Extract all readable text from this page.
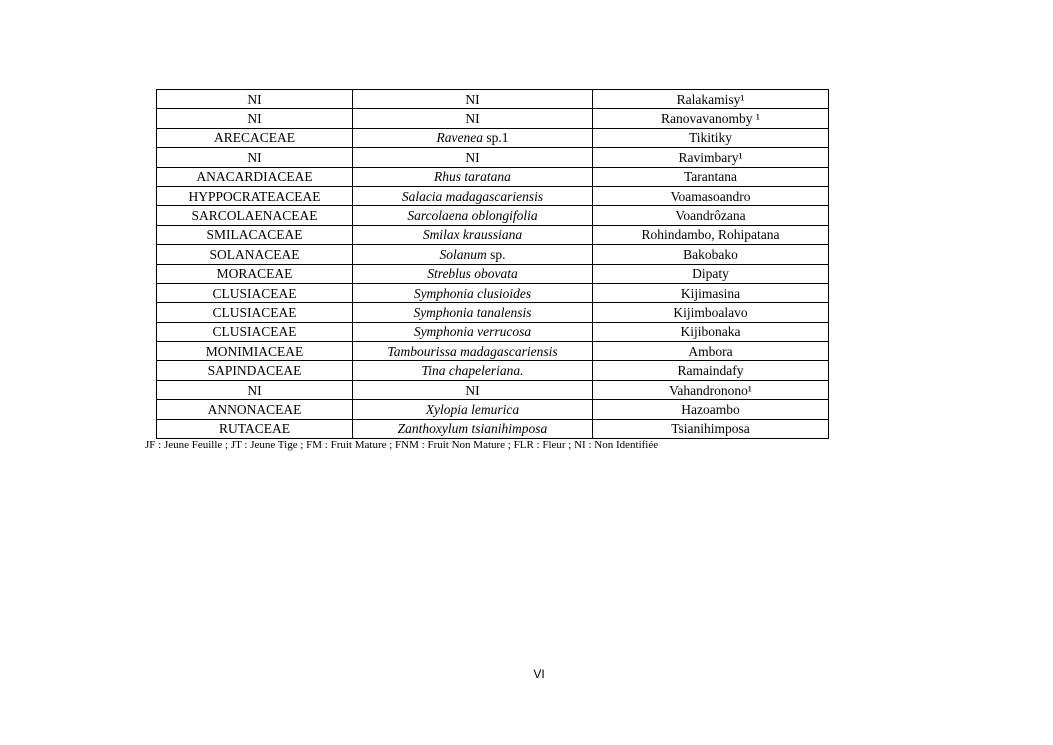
NI	NI	Ralakamisy¹
NI	NI	Ranovavanomby ¹
ARECACEAE	Ravenea sp.1	Tikitiky
NI	NI	Ravimbary¹
ANACARDIACEAE	Rhus taratana	Tarantana
HYPPOCRATEACEAE	Salacia madagascariensis	Voamasoandro
SARCOLAENACEAE	Sarcolaena oblongifolia	Voandrôzana
SMILACACEAE	Smilax kraussiana	Rohindambo, Rohipatana
SOLANACEAE	Solanum sp.	Bakobako
MORACEAE	Streblus obovata	Dipaty
CLUSIACEAE	Symphonia clusioides	Kijimasina
CLUSIACEAE	Symphonia tanalensis	Kijimboalavo
CLUSIACEAE	Symphonia verrucosa	Kijibonaka
MONIMIACEAE	Tambourissa madagascariensis	Ambora
SAPINDACEAE	Tina chapeleriana.	Ramaindafy
NI	NI	Vahandronono¹
ANNONACEAE	Xylopia lemurica	Hazoambo
RUTACEAE	Zanthoxylum tsianihimposa	Tsianihimposa
JF : Jeune Feuille ; JT : Jeune Tige ; FM : Fruit Mature ; FNM : Fruit Non Mature ; FLR : Fleur ; NI : Non Identifiée
VI
